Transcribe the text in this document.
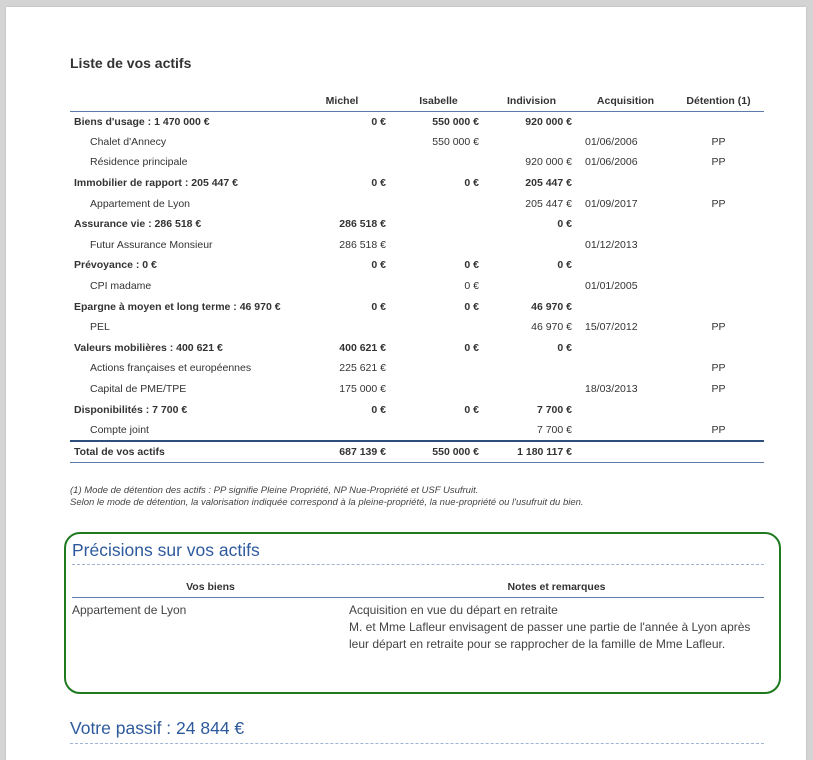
Liste de vos actifs
	Michel	Isabelle	Indivision	Acquisition	Détention (1)
Biens d'usage : 1 470 000 €	0 €	550 000 €	920 000 €		
Chalet d'Annecy		550 000 €		01/06/2006	PP
Résidence principale			920 000 €	01/06/2006	PP
Immobilier de rapport : 205 447 €	0 €	0 €	205 447 €		
Appartement de Lyon			205 447 €	01/09/2017	PP
Assurance vie : 286 518 €	286 518 €		0 €		
Futur Assurance Monsieur	286 518 €			01/12/2013	
Prévoyance : 0 €	0 €	0 €	0 €		
CPI madame		0 €		01/01/2005	
Epargne à moyen et long terme : 46 970 €	0 €	0 €	46 970 €		
PEL			46 970 €	15/07/2012	PP
Valeurs mobilières : 400 621 €	400 621 €	0 €	0 €		
Actions françaises et européennes	225 621 €				PP
Capital de PME/TPE	175 000 €			18/03/2013	PP
Disponibilités : 7 700 €	0 €	0 €	7 700 €		
Compte joint			7 700 €		PP
Total de vos actifs	687 139 €	550 000 €	1 180 117 €		
(1) Mode de détention des actifs : PP signifie Pleine Propriété, NP Nue-Propriété et USF Usufruit.
Selon le mode de détention, la valorisation indiquée correspond à la pleine-propriété, la nue-propriété ou l'usufruit du bien.
Précisions sur vos actifs
Vos biens	Notes et remarques
Appartement de Lyon	Acquisition en vue du départ en retraite
M. et Mme Lafleur envisagent de passer une partie de l'année à Lyon après leur départ en retraite pour se rapprocher de la famille de Mme Lafleur.
Votre passif : 24 844 €
